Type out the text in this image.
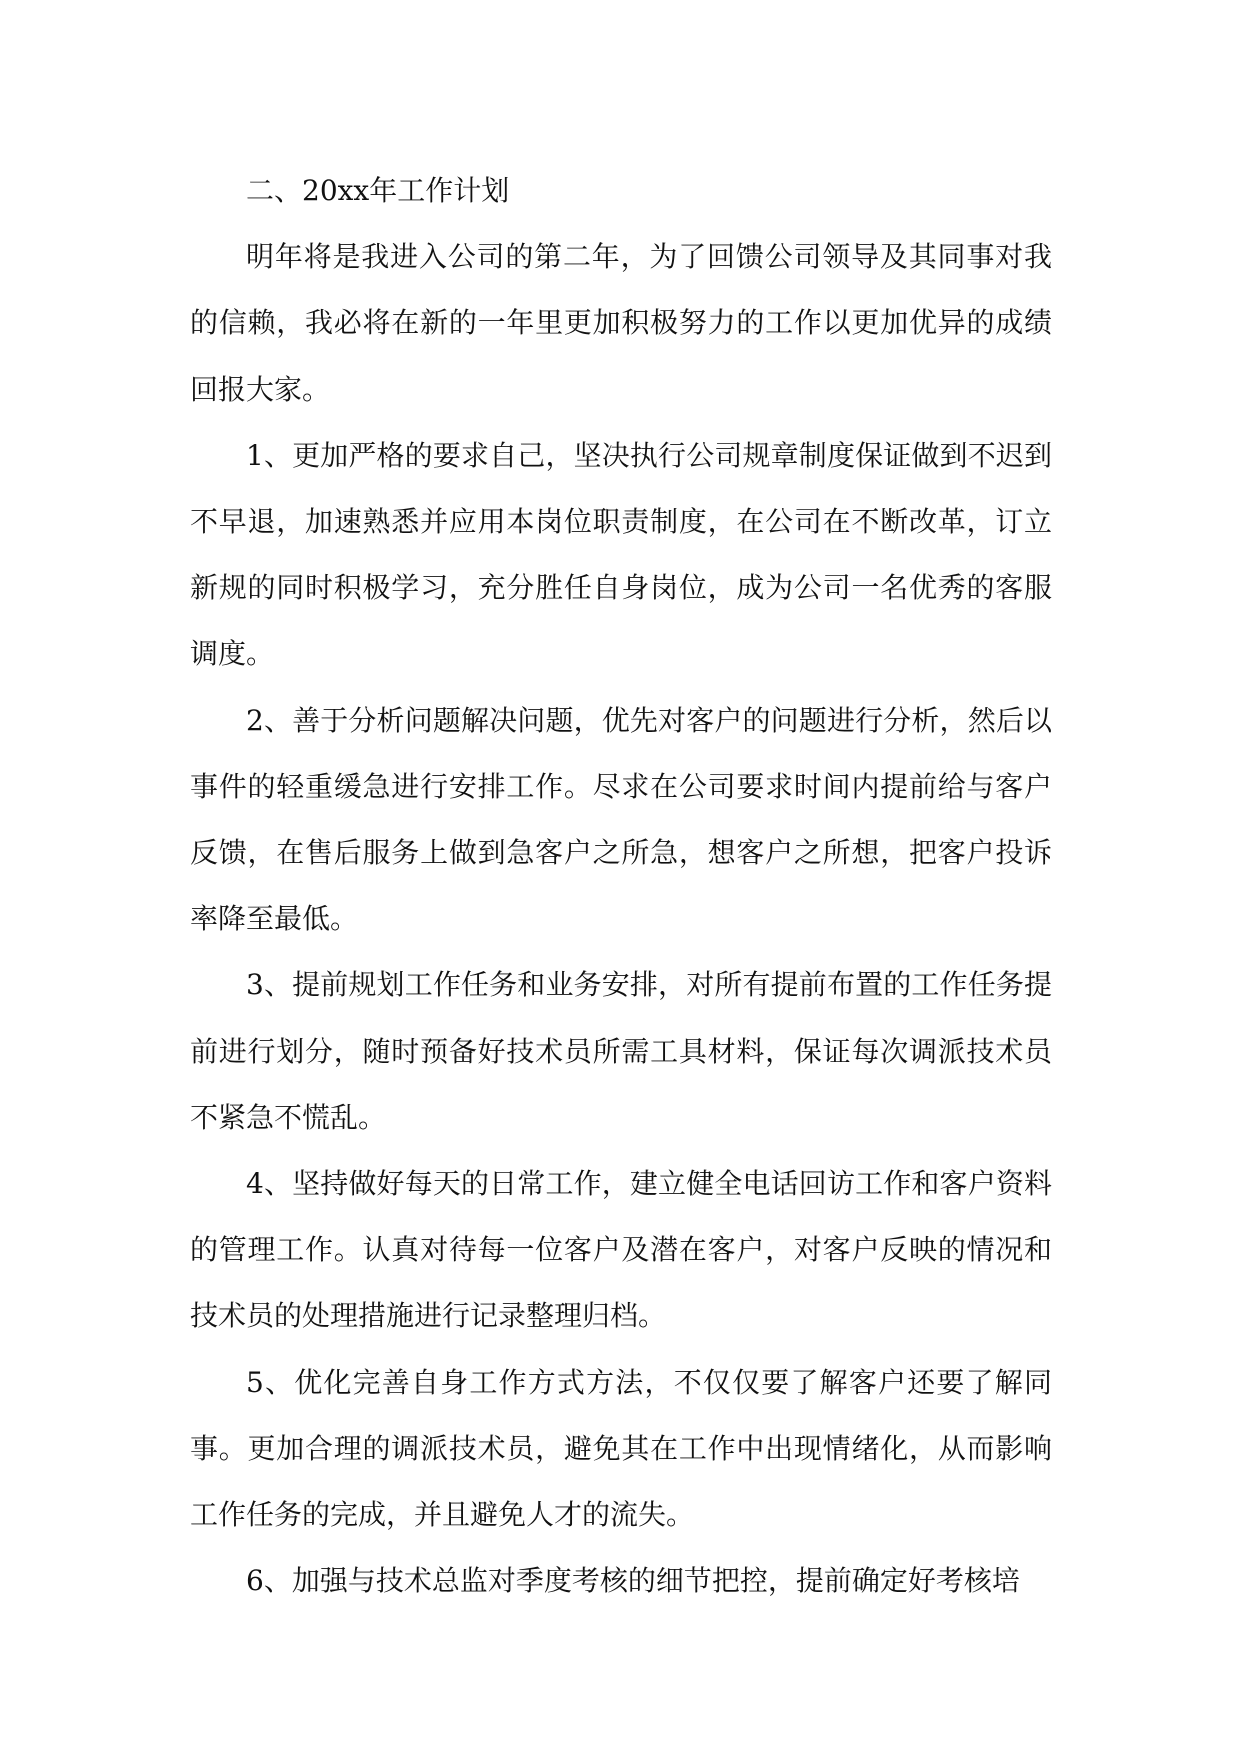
二、20xx年工作计划

明年将是我进入公司的第二年，为了回馈公司领导及其同事对我的信赖，我必将在新的一年里更加积极努力的工作以更加优异的成绩回报大家。

1、更加严格的要求自己，坚决执行公司规章制度保证做到不迟到不早退，加速熟悉并应用本岗位职责制度，在公司在不断改革，订立新规的同时积极学习，充分胜任自身岗位，成为公司一名优秀的客服调度。

2、善于分析问题解决问题，优先对客户的问题进行分析，然后以事件的轻重缓急进行安排工作。尽求在公司要求时间内提前给与客户反馈，在售后服务上做到急客户之所急，想客户之所想，把客户投诉率降至最低。

3、提前规划工作任务和业务安排，对所有提前布置的工作任务提前进行划分，随时预备好技术员所需工具材料，保证每次调派技术员不紧急不慌乱。

4、坚持做好每天的日常工作，建立健全电话回访工作和客户资料的管理工作。认真对待每一位客户及潜在客户，对客户反映的情况和技术员的处理措施进行记录整理归档。

5、优化完善自身工作方式方法，不仅仅要了解客户还要了解同事。更加合理的调派技术员，避免其在工作中出现情绪化，从而影响工作任务的完成，并且避免人才的流失。

6、加强与技术总监对季度考核的细节把控，提前确定好考核培
